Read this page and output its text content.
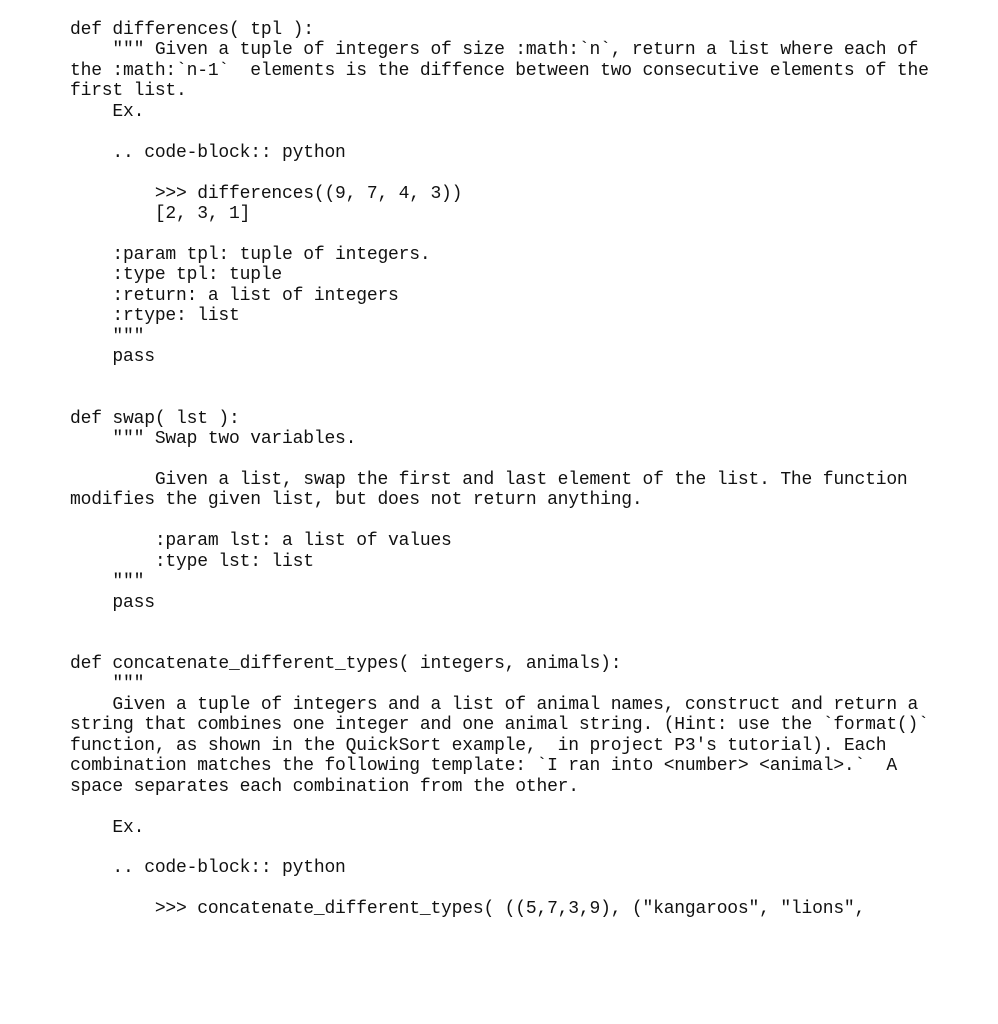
def differences( tpl ):
""" Given a tuple of integers of size :math:`n`, return a list where each of
the :math:`n-1`  elements is the diffence between two consecutive elements of the
first list.
Ex.
.. code-block:: python
>>> differences((9, 7, 4, 3))
[2, 3, 1]
:param tpl: tuple of integers.
:type tpl: tuple
:return: a list of integers
:rtype: list
"""
pass
def swap( lst ):
""" Swap two variables.
Given a list, swap the first and last element of the list. The function
modifies the given list, but does not return anything.
:param lst: a list of values
:type lst: list
"""
pass
def concatenate_different_types( integers, animals):
"""
Given a tuple of integers and a list of animal names, construct and return a
string that combines one integer and one animal string. (Hint: use the `format()`
function, as shown in the QuickSort example,  in project P3's tutorial). Each
combination matches the following template: `I ran into <number> <animal>.`  A
space separates each combination from the other.
Ex.
.. code-block:: python
>>> concatenate_different_types( ((5,7,3,9), ("kangaroos", "lions",
